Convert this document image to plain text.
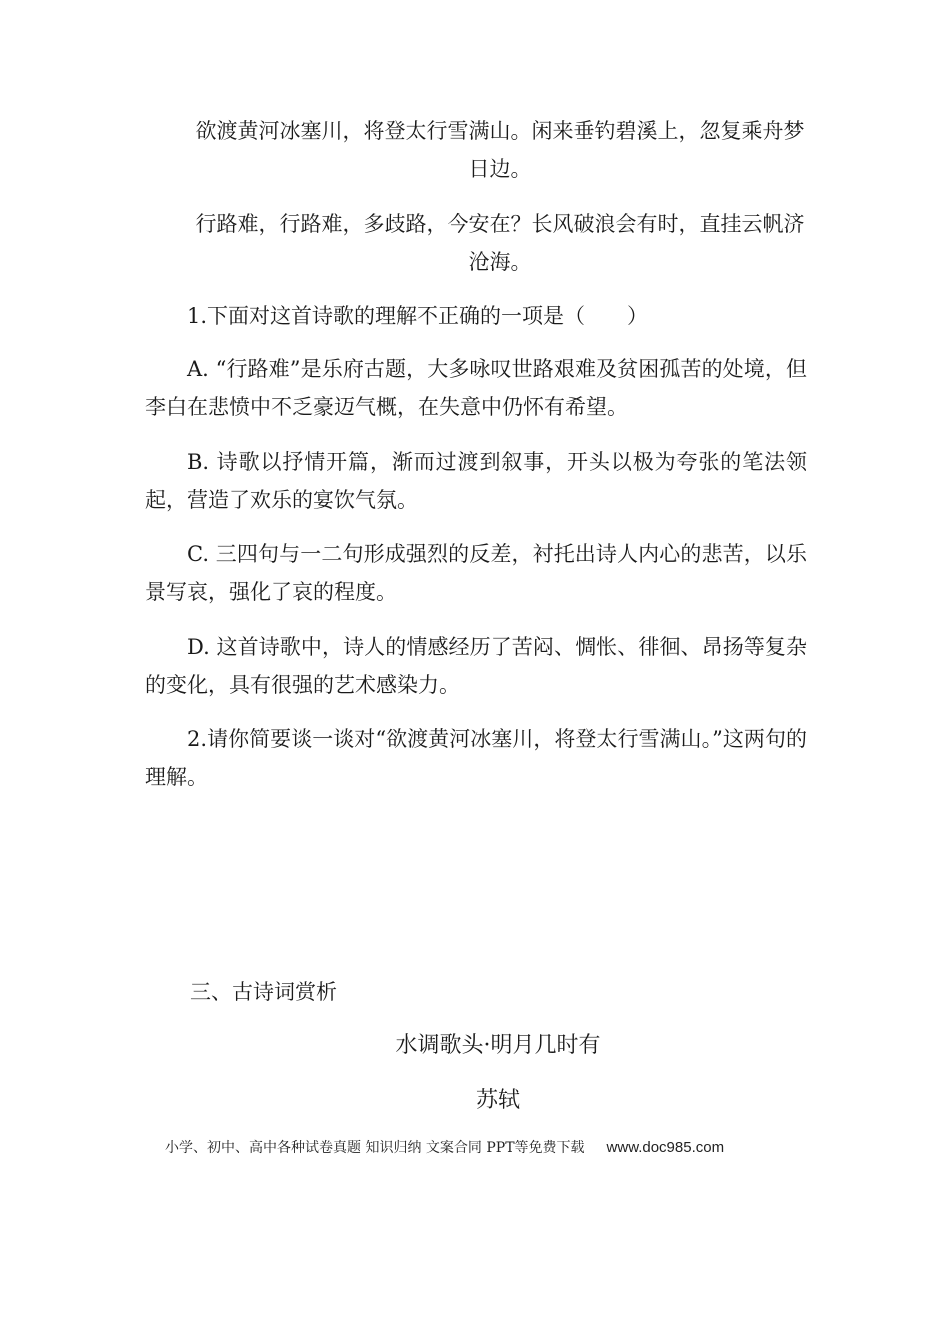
欲渡黄河冰塞川，将登太行雪满山。闲来垂钓碧溪上，忽复乘舟梦日边。

行路难，行路难，多歧路，今安在？长风破浪会有时，直挂云帆济沧海。

1.下面对这首诗歌的理解不正确的一项是（　　）

A. “行路难”是乐府古题，大多咏叹世路艰难及贫困孤苦的处境，但李白在悲愤中不乏豪迈气概，在失意中仍怀有希望。

B. 诗歌以抒情开篇，渐而过渡到叙事，开头以极为夸张的笔法领起，营造了欢乐的宴饮气氛。

C. 三四句与一二句形成强烈的反差，衬托出诗人内心的悲苦，以乐景写哀，强化了哀的程度。

D. 这首诗歌中，诗人的情感经历了苦闷、惆怅、徘徊、昂扬等复杂的变化，具有很强的艺术感染力。

2.请你简要谈一谈对“欲渡黄河冰塞川，将登太行雪满山。”这两句的理解。

三、古诗词赏析

水调歌头·明月几时有

苏轼

小学、初中、高中各种试卷真题 知识归纳 文案合同 PPT等免费下载 www.doc985.com
